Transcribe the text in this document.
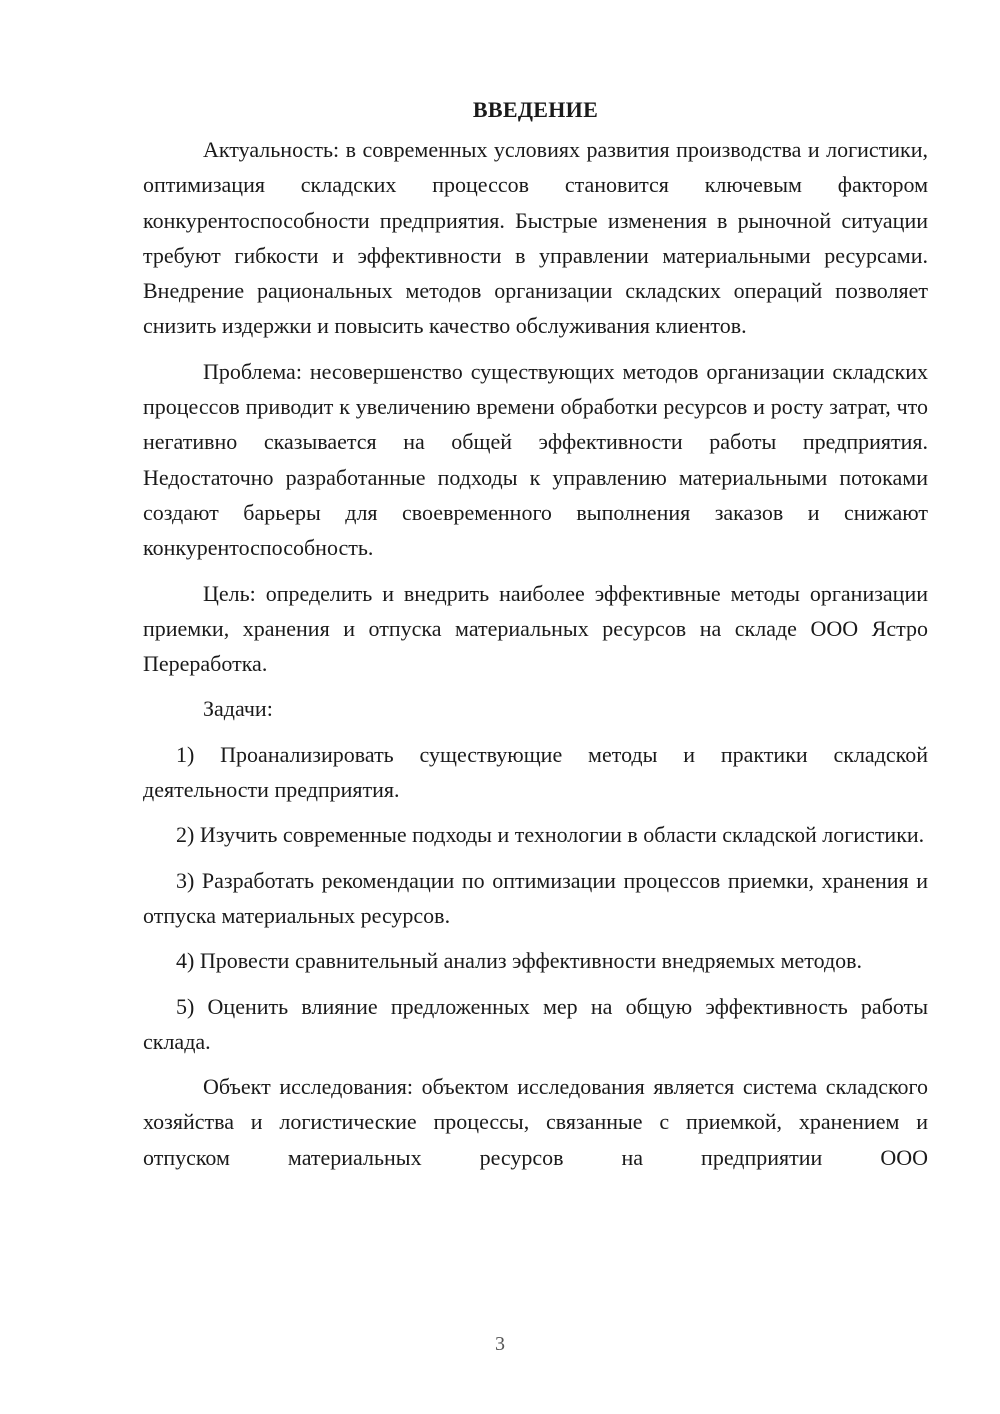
ВВЕДЕНИЕ

Актуальность: в современных условиях развития производства и логистики, оптимизация складских процессов становится ключевым фактором конкурентоспособности предприятия. Быстрые изменения в рыночной ситуации требуют гибкости и эффективности в управлении материальными ресурсами. Внедрение рациональных методов организации складских операций позволяет снизить издержки и повысить качество обслуживания клиентов.

Проблема: несовершенство существующих методов организации складских процессов приводит к увеличению времени обработки ресурсов и росту затрат, что негативно сказывается на общей эффективности работы предприятия. Недостаточно разработанные подходы к управлению материальными потоками создают барьеры для своевременного выполнения заказов и снижают конкурентоспособность.

Цель: определить и внедрить наиболее эффективные методы организации приемки, хранения и отпуска материальных ресурсов на складе ООО Ястро Переработка.

Задачи:

1) Проанализировать существующие методы и практики складской деятельности предприятия.

2) Изучить современные подходы и технологии в области складской логистики.

3) Разработать рекомендации по оптимизации процессов приемки, хранения и отпуска материальных ресурсов.

4) Провести сравнительный анализ эффективности внедряемых методов.

5) Оценить влияние предложенных мер на общую эффективность работы склада.

Объект исследования: объектом исследования является система складского хозяйства и логистические процессы, связанные с приемкой, хранением и отпуском материальных ресурсов на предприятии ООО

3
